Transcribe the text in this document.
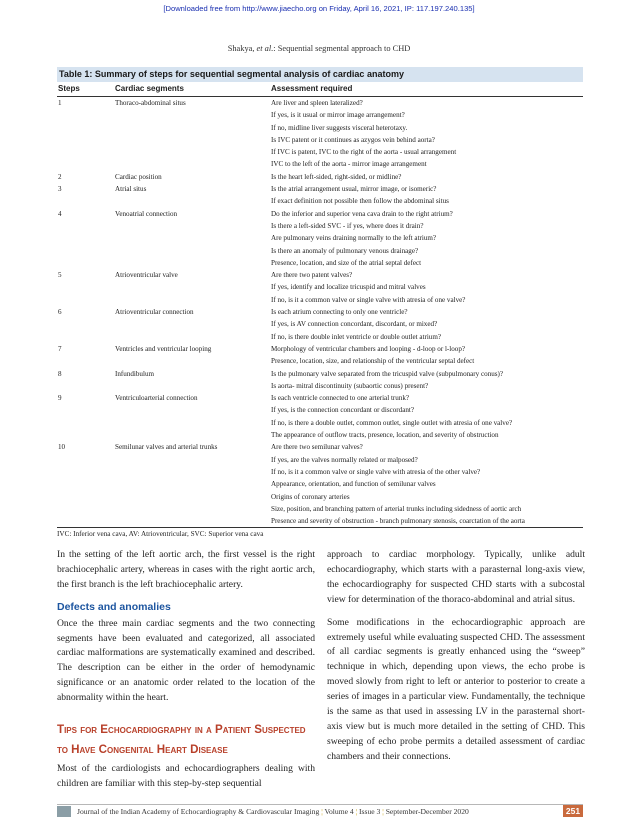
[Downloaded free from http://www.jiaecho.org on Friday, April 16, 2021, IP: 117.197.240.135]
Shakya, et al.: Sequential segmental approach to CHD
Table 1: Summary of steps for sequential segmental analysis of cardiac anatomy
Steps	Cardiac segments	Assessment required
1	Thoraco-abdominal situs	Are liver and spleen lateralized?
If yes, is it usual or mirror image arrangement?
If no, midline liver suggests visceral heterotaxy.
Is IVC patent or it continues as azygos vein behind aorta?
If IVC is patent, IVC to the right of the aorta - usual arrangement
IVC to the left of the aorta - mirror image arrangement
2	Cardiac position	Is the heart left-sided, right-sided, or midline?
3	Atrial situs	Is the atrial arrangement usual, mirror image, or isomeric?
If exact definition not possible then follow the abdominal situs
4	Venoatrial connection	Do the inferior and superior vena cava drain to the right atrium?
Is there a left-sided SVC - if yes, where does it drain?
Are pulmonary veins draining normally to the left atrium?
Is there an anomaly of pulmonary venous drainage?
Presence, location, and size of the atrial septal defect
5	Atrioventricular valve	Are there two patent valves?
If yes, identify and localize tricuspid and mitral valves
If no, is it a common valve or single valve with atresia of one valve?
6	Atrioventricular connection	Is each atrium connecting to only one ventricle?
If yes, is AV connection concordant, discordant, or mixed?
If no, is there double inlet ventricle or double outlet atrium?
7	Ventricles and ventricular looping	Morphology of ventricular chambers and looping - d-loop or l-loop?
Presence, location, size, and relationship of the ventricular septal defect
8	Infundibulum	Is the pulmonary valve separated from the tricuspid valve (subpulmonary conus)?
Is aorta- mitral discontinuity (subaortic conus) present?
9	Ventriculoarterial connection	Is each ventricle connected to one arterial trunk?
If yes, is the connection concordant or discordant?
If no, is there a double outlet, common outlet, single outlet with atresia of one valve?
The appearance of outflow tracts, presence, location, and severity of obstruction
10	Semilunar valves and arterial trunks	Are there two semilunar valves?
If yes, are the valves normally related or malposed?
If no, is it a common valve or single valve with atresia of the other valve?
Appearance, orientation, and function of semilunar valves
Origins of coronary arteries
Size, position, and branching pattern of arterial trunks including sidedness of aortic arch
Presence and severity of obstruction - branch pulmonary stenosis, coarctation of the aorta
IVC: Inferior vena cava, AV: Atrioventricular, SVC: Superior vena cava

In the setting of the left aortic arch, the first vessel is the right brachiocephalic artery, whereas in cases with the right aortic arch, the first branch is the left brachiocephalic artery.

Defects and anomalies

Once the three main cardiac segments and the two connecting segments have been evaluated and categorized, all associated cardiac malformations are systematically examined and described. The description can be either in the order of hemodynamic significance or an anatomic order related to the location of the abnormality within the heart.

Tips for Echocardiography in a Patient Suspected to Have Congenital Heart Disease

Most of the cardiologists and echocardiographers dealing with children are familiar with this step-by-step sequential

approach to cardiac morphology. Typically, unlike adult echocardiography, which starts with a parasternal long-axis view, the echocardiography for suspected CHD starts with a subcostal view for determination of the thoraco-abdominal and atrial situs.

Some modifications in the echocardiographic approach are extremely useful while evaluating suspected CHD. The assessment of all cardiac segments is greatly enhanced using the “sweep” technique in which, depending upon views, the echo probe is moved slowly from right to left or anterior to posterior to create a series of images in a particular view. Fundamentally, the technique is the same as that used in assessing LV in the parasternal short-axis view but is much more detailed in the setting of CHD. This sweeping of echo probe permits a detailed assessment of cardiac chambers and their connections.

Journal of the Indian Academy of Echocardiography & Cardiovascular Imaging ¦ Volume 4 ¦ Issue 3 ¦ September-December 2020	251
